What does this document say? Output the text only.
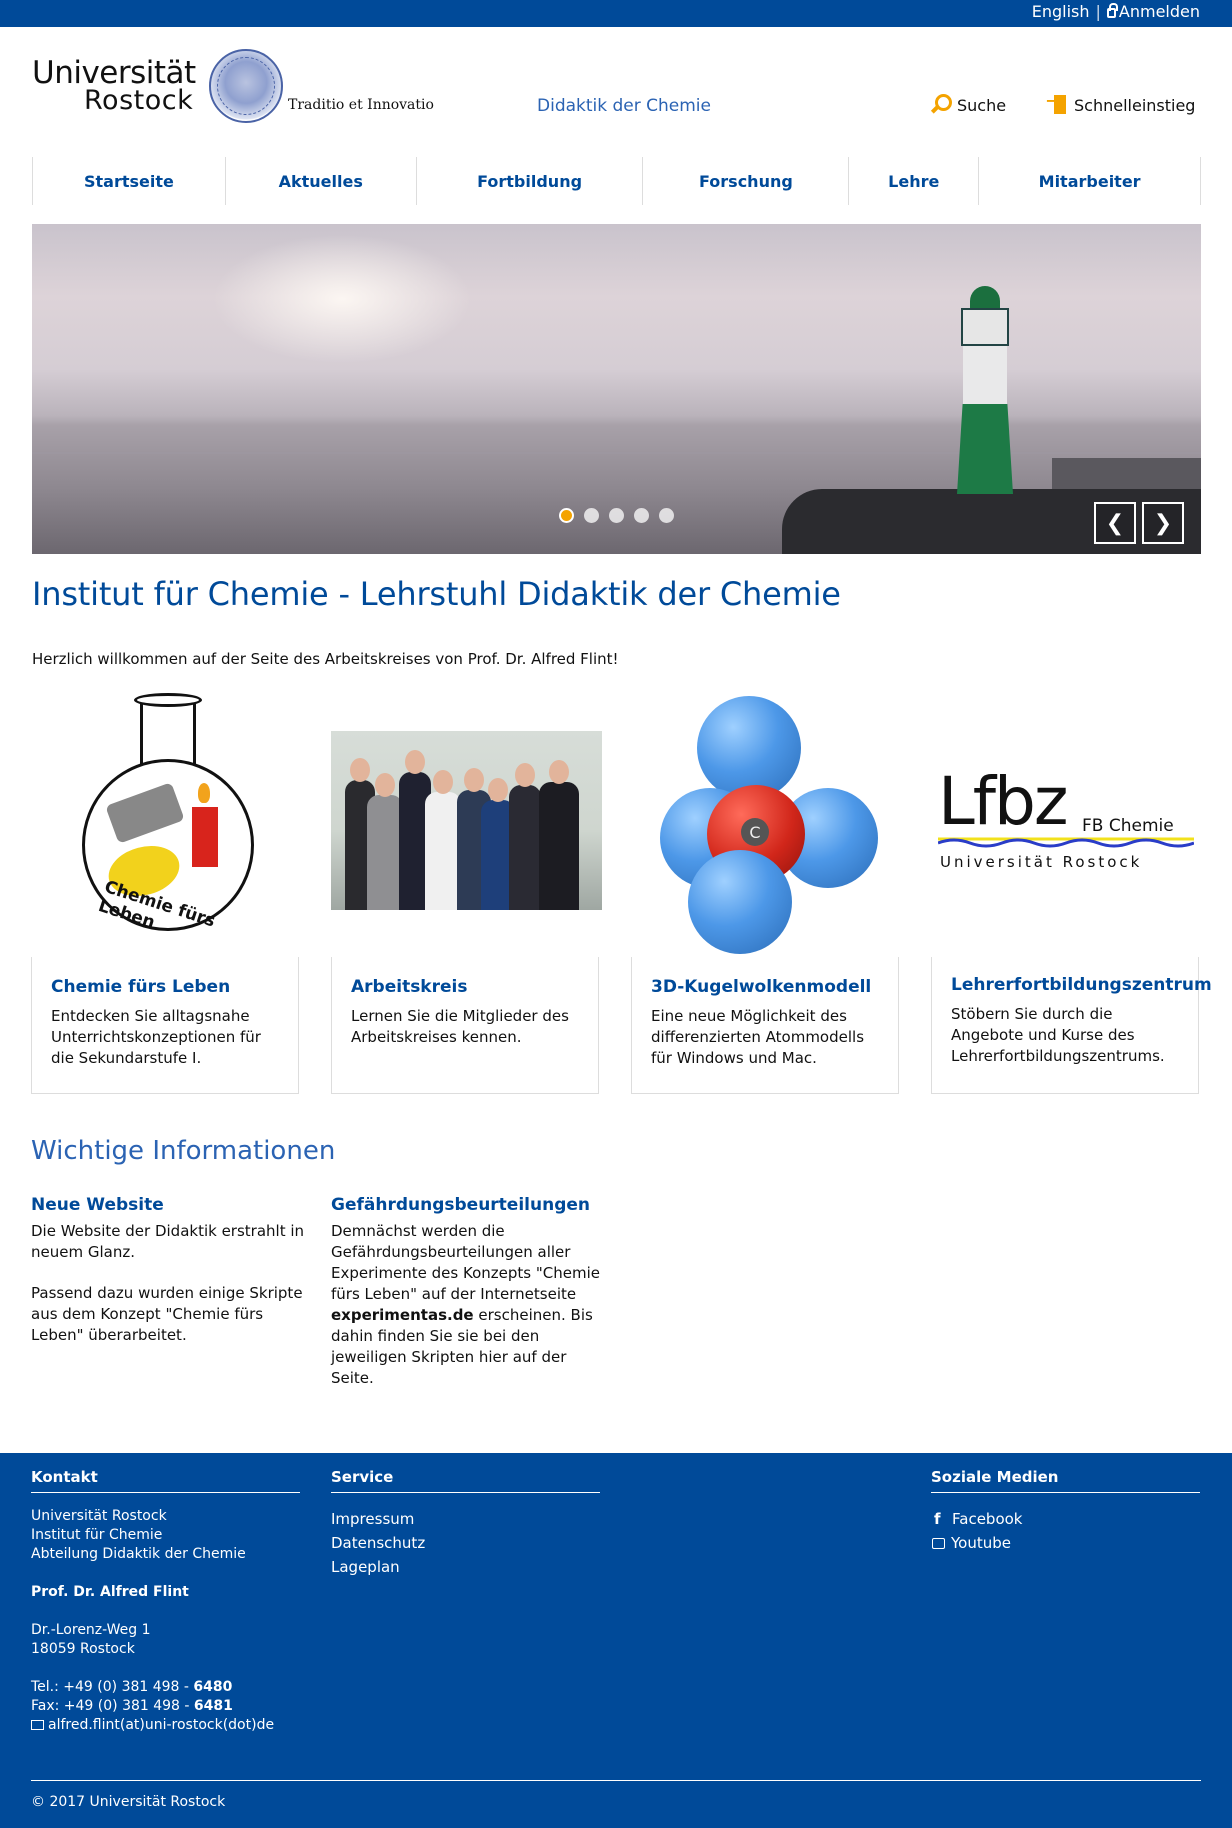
English |	Anmelden
Universität
Rostock	Traditio et Innovatio	Didaktik der Chemie	Suche
→	Schnelleinstieg
Startseite	Aktuelles	Fortbildung	Forschung	Lehre	Mitarbeiter
❮ ❯
Institut für Chemie - Lehrstuhl Didaktik der Chemie

Herzlich willkommen auf der Seite des Arbeitskreises von Prof. Dr. Alfred Flint!

Chemie fürs Leben
C	Lfbz FB Chemie
Universität Rostock
Chemie fürs Leben

Entdecken Sie alltagsnahe Unterrichtskonzeptionen für die Sekundarstufe I.

Arbeitskreis

Lernen Sie die Mitglieder des Arbeitskreises kennen.

3D-Kugelwolkenmodell

Eine neue Möglichkeit des differenzierten Atommodells für Windows und Mac.

Lehrerfortbildungszentrum

Stöbern Sie durch die Angebote und Kurse des Lehrerfortbildungszentrums.

Wichtige Informationen
Neue Website

Die Website der Didaktik erstrahlt in neuem Glanz.

Passend dazu wurden einige Skripte aus dem Konzept "Chemie fürs Leben" überarbeitet.

Gefährdungsbeurteilungen

Demnächst werden die Gefährdungsbeurteilungen aller Experimente des Konzepts "Chemie fürs Leben" auf der Internetseite experimentas.de erscheinen. Bis dahin finden Sie sie bei den jeweiligen Skripten hier auf der Seite.

Kontakt
Universität Rostock
Institut für Chemie
Abteilung Didaktik der Chemie
Prof. Dr. Alfred Flint
Dr.-Lorenz-Weg 1
18059 Rostock
Tel.: +49 (0) 381 498 - 6480
Fax: +49 (0) 381 498 - 6481
alfred.flint(at)uni-rostock(dot)de
Service
Impressum
Datenschutz
Lageplan
Soziale Medien
f Facebook
Youtube
© 2017 Universität Rostock
